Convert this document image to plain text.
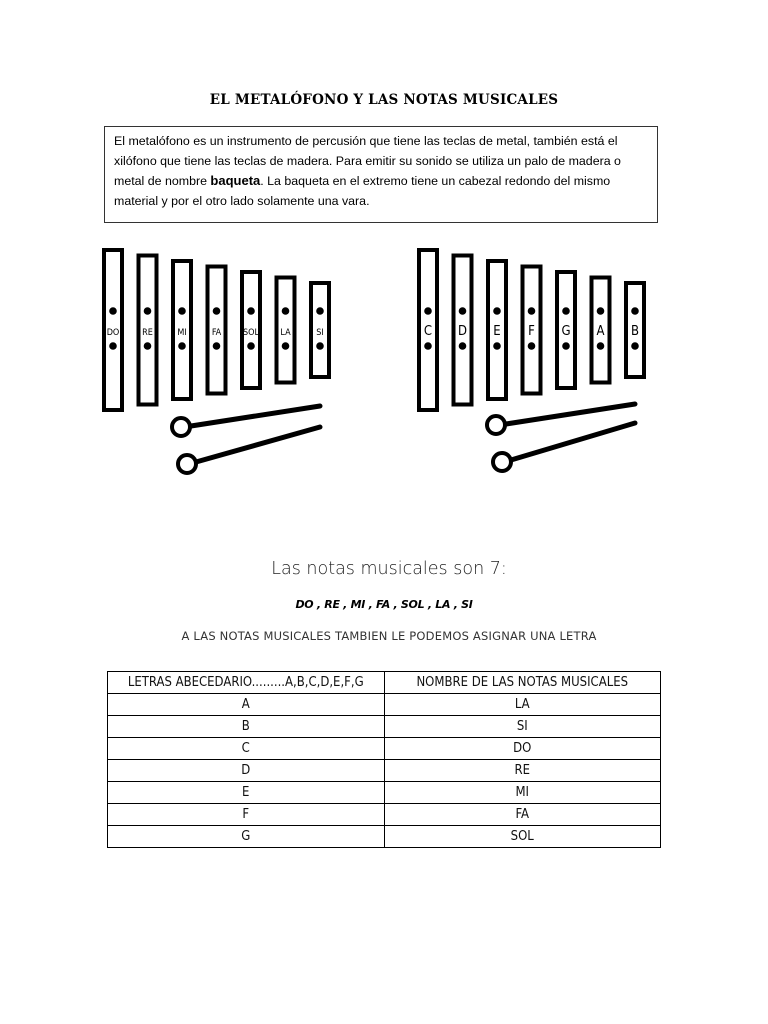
EL METALÓFONO Y LAS NOTAS MUSICALES
El metalófono es un instrumento de percusión que tiene las teclas de metal, también está el xilófono que tiene las teclas de madera. Para emitir su sonido se utiliza un palo de madera o metal de nombre baqueta. La baqueta en el extremo tiene un cabezal redondo del mismo material y por el otro lado solamente una vara.
DO	RE	MI	FA SOL LA	SI	C D E F G A B
Las notas musicales son 7:
DO , RE , MI , FA , SOL , LA , SI
A LAS NOTAS MUSICALES TAMBIEN LE PODEMOS ASIGNAR UNA LETRA
LETRAS ABECEDARIO.........A,B,C,D,E,F,G	NOMBRE DE LAS NOTAS MUSICALES
A	LA
B	SI
C	DO
D	RE
E	MI
F	FA
G	SOL
